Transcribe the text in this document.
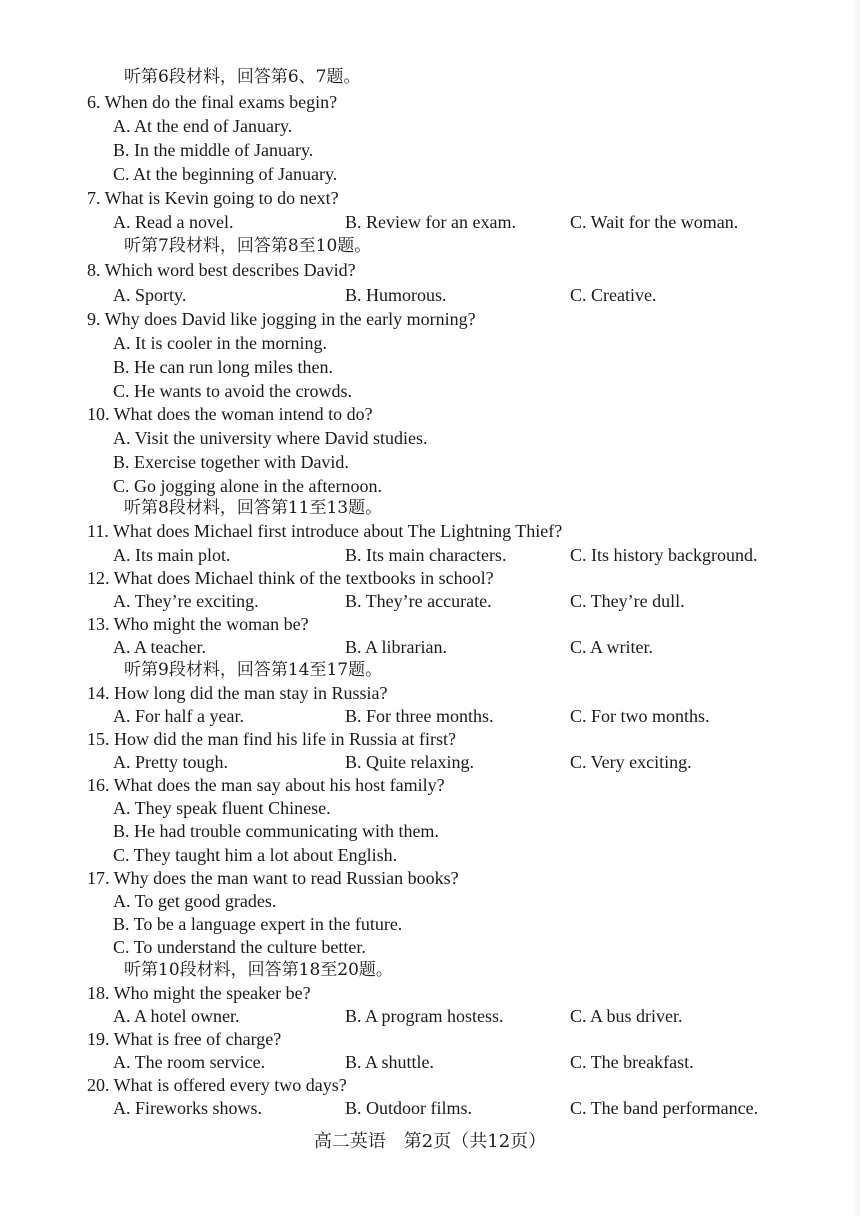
听第6段材料，回答第6、7题。
6. When do the final exams begin?
A. At the end of January.
B. In the middle of January.
C. At the beginning of January.
7. What is Kevin going to do next?
A. Read a novel.	B. Review for an exam.	C. Wait for the woman.
听第7段材料，回答第8至10题。
8. Which word best describes David?
A. Sporty.	B. Humorous.	C. Creative.
9. Why does David like jogging in the early morning?
A. It is cooler in the morning.
B. He can run long miles then.
C. He wants to avoid the crowds.
10. What does the woman intend to do?
A. Visit the university where David studies.
B. Exercise together with David.
C. Go jogging alone in the afternoon.
听第8段材料，回答第11至13题。
11. What does Michael first introduce about The Lightning Thief?
A. Its main plot.	B. Its main characters.	C. Its history background.
12. What does Michael think of the textbooks in school?
A. They’re exciting.	B. They’re accurate.	C. They’re dull.
13. Who might the woman be?
A. A teacher.	B. A librarian.	C. A writer.
听第9段材料，回答第14至17题。
14. How long did the man stay in Russia?
A. For half a year.	B. For three months.	C. For two months.
15. How did the man find his life in Russia at first?
A. Pretty tough.	B. Quite relaxing.	C. Very exciting.
16. What does the man say about his host family?
A. They speak fluent Chinese.
B. He had trouble communicating with them.
C. They taught him a lot about English.
17. Why does the man want to read Russian books?
A. To get good grades.
B. To be a language expert in the future.
C. To understand the culture better.
听第10段材料，回答第18至20题。
18. Who might the speaker be?
A. A hotel owner.	B. A program hostess.	C. A bus driver.
19. What is free of charge?
A. The room service.	B. A shuttle.	C. The breakfast.
20. What is offered every two days?
A. Fireworks shows.	B. Outdoor films.	C. The band performance.
高二英语　第2页（共12页）
